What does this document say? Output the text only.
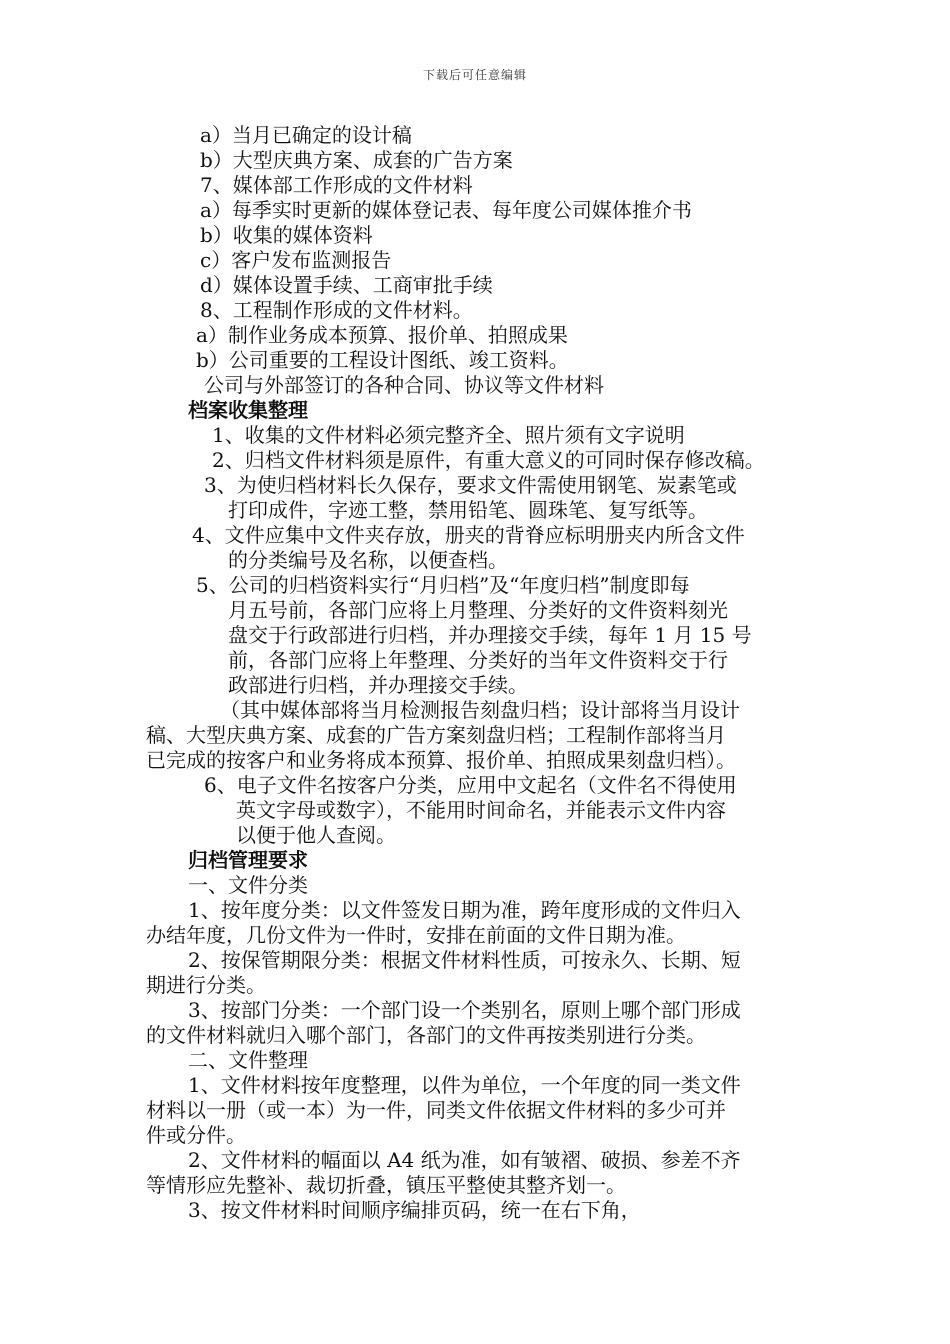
下载后可任意编辑
a）当月已确定的设计稿
b）大型庆典方案、成套的广告方案
7、媒体部工作形成的文件材料
a）每季实时更新的媒体登记表、每年度公司媒体推介书
b）收集的媒体资料
c）客户发布监测报告
d）媒体设置手续、工商审批手续
8、工程制作形成的文件材料。
a）制作业务成本预算、报价单、拍照成果
b）公司重要的工程设计图纸、竣工资料。
公司与外部签订的各种合同、协议等文件材料
档案收集整理
1、收集的文件材料必须完整齐全、照片须有文字说明
2、归档文件材料须是原件，有重大意义的可同时保存修改稿。
3、为使归档材料长久保存，要求文件需使用钢笔、炭素笔或
打印成件，字迹工整，禁用铅笔、圆珠笔、复写纸等。
4、文件应集中文件夹存放，册夹的背脊应标明册夹内所含文件
的分类编号及名称，以便查档。
5、公司的归档资料实行“月归档”及“年度归档”制度即每
月五号前，各部门应将上月整理、分类好的文件资料刻光
盘交于行政部进行归档，并办理接交手续，每年 1 月 15 号
前，各部门应将上年整理、分类好的当年文件资料交于行
政部进行归档，并办理接交手续。
（其中媒体部将当月检测报告刻盘归档；设计部将当月设计
稿、大型庆典方案、成套的广告方案刻盘归档；工程制作部将当月
已完成的按客户和业务将成本预算、报价单、拍照成果刻盘归档）。
6、电子文件名按客户分类，应用中文起名（文件名不得使用
英文字母或数字），不能用时间命名，并能表示文件内容
以便于他人查阅。
归档管理要求
一、文件分类
1、按年度分类：以文件签发日期为准，跨年度形成的文件归入
办结年度，几份文件为一件时，安排在前面的文件日期为准。
2、按保管期限分类：根据文件材料性质，可按永久、长期、短
期进行分类。
3、按部门分类：一个部门设一个类别名，原则上哪个部门形成
的文件材料就归入哪个部门，各部门的文件再按类别进行分类。
二、文件整理
1、文件材料按年度整理，以件为单位，一个年度的同一类文件
材料以一册（或一本）为一件，同类文件依据文件材料的多少可并
件或分件。
2、文件材料的幅面以 A4 纸为准，如有皱褶、破损、参差不齐
等情形应先整补、裁切折叠，镇压平整使其整齐划一。
3、按文件材料时间顺序编排页码，统一在右下角，
